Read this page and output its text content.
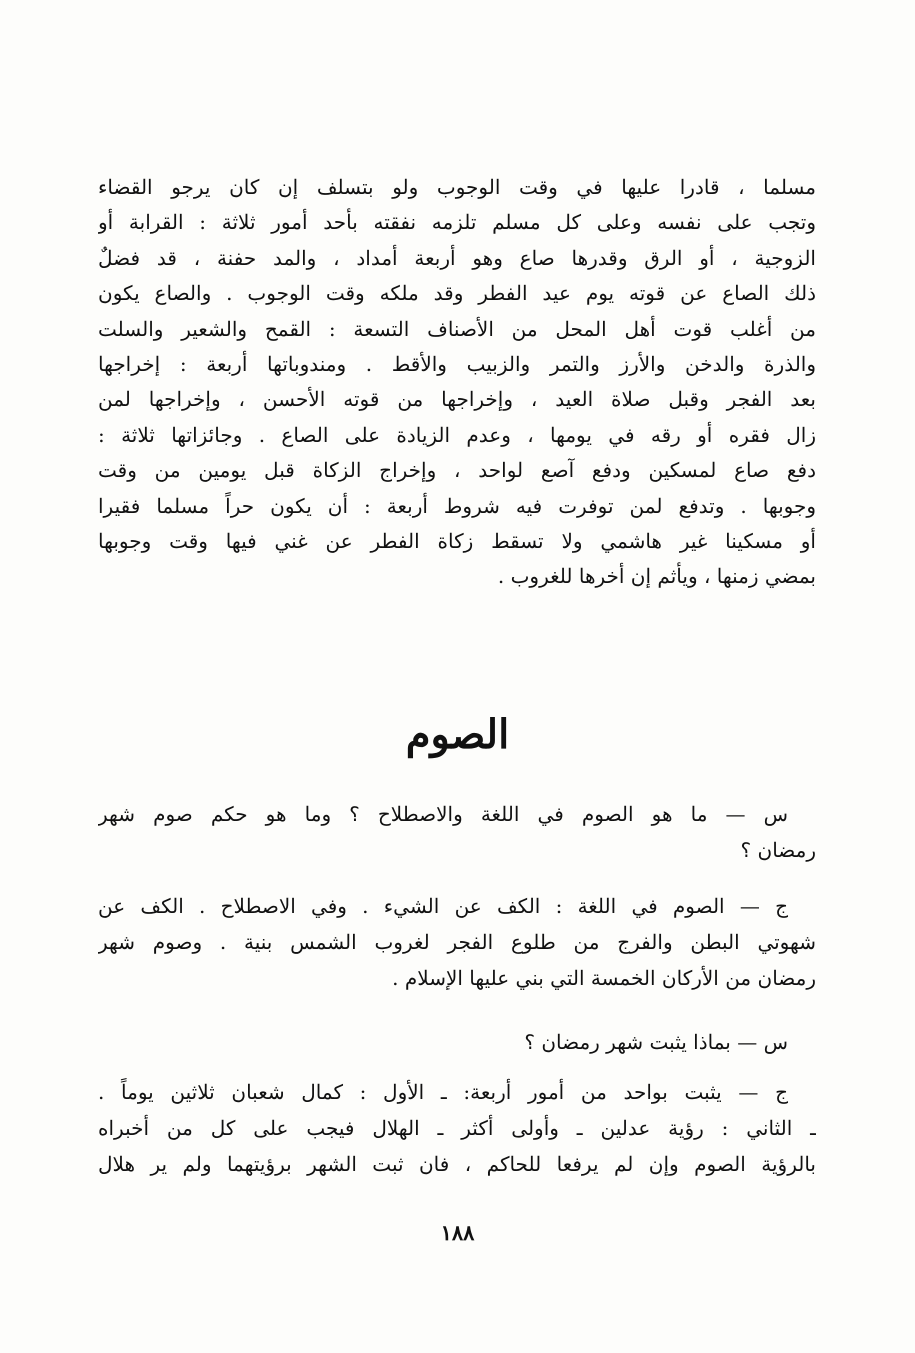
مسلما ، قادرا عليها في وقت الوجوب ولو بتسلف إن كان يرجو القضاء
وتجب على نفسه وعلى كل مسلم تلزمه نفقته بأحد أمور ثلاثة : القرابة أو
الزوجية ، أو الرق وقدرها صاع وهو أربعة أمداد ، والمد حفنة ، قد فضلٌ
ذلك الصاع عن قوته يوم عيد الفطر وقد ملكه وقت الوجوب . والصاع يكون
من أغلب قوت أهل المحل من الأصناف التسعة : القمح والشعير والسلت
والذرة والدخن والأرز والتمر والزبيب والأقط . ومندوباتها أربعة : إخراجها
بعد الفجر وقبل صلاة العيد ، وإخراجها من قوته الأحسن ، وإخراجها لمن
زال فقره أو رقه في يومها ، وعدم الزيادة على الصاع . وجائزاتها ثلاثة :
دفع صاع لمسكين ودفع آصع لواحد ، وإخراج الزكاة قبل يومين من وقت
وجوبها . وتدفع لمن توفرت فيه شروط أربعة : أن يكون حراً مسلما فقيرا
أو مسكينا غير هاشمي ولا تسقط زكاة الفطر عن غني فيها وقت وجوبها
بمضي زمنها ، ويأثم إن أخرها للغروب .
الصوم
س — ما هو الصوم في اللغة والاصطلاح ؟ وما هو حكم صوم شهر
رمضان ؟
ج — الصوم في اللغة : الكف عن الشيء . وفي الاصطلاح . الكف عن
شهوتي البطن والفرج من طلوع الفجر لغروب الشمس بنية . وصوم شهر
رمضان من الأركان الخمسة التي بني عليها الإسلام .
س — بماذا يثبت شهر رمضان ؟
ج — يثبت بواحد من أمور أربعة: ـ الأول : كمال شعبان ثلاثين يوماً .
ـ الثاني : رؤية عدلين ـ وأولى أكثر ـ الهلال فيجب على كل من أخبراه
بالرؤية الصوم وإن لم يرفعا للحاكم ، فان ثبت الشهر برؤيتهما ولم ير هلال
١٨٨
